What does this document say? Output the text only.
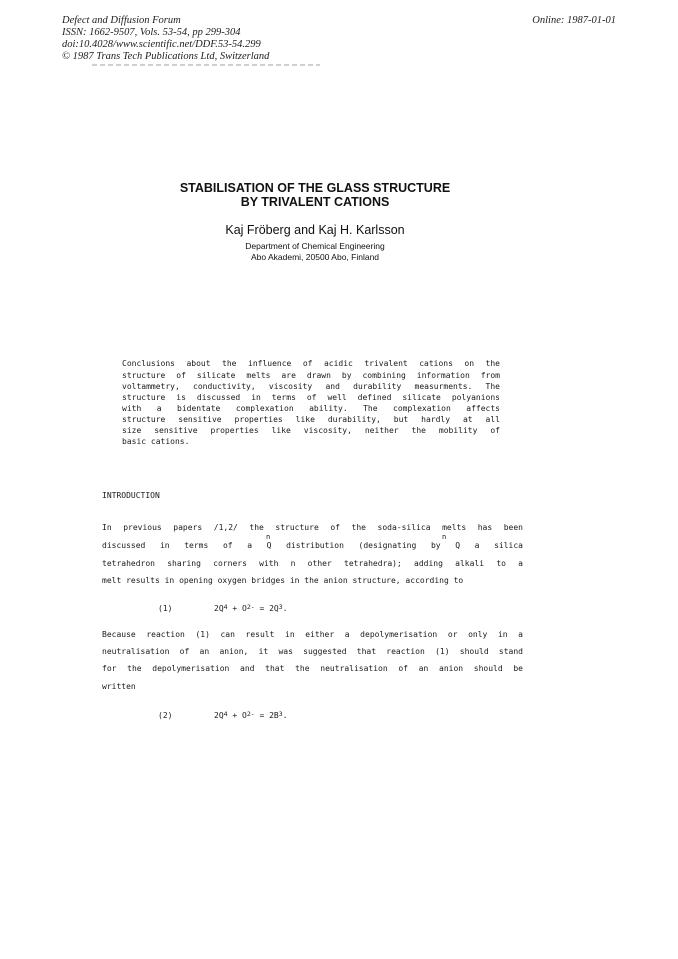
Defect and Diffusion Forum
ISSN: 1662-9507, Vols. 53-54, pp 299-304
doi:10.4028/www.scientific.net/DDF.53-54.299
© 1987 Trans Tech Publications Ltd, Switzerland
Online: 1987-01-01
STABILISATION OF THE GLASS STRUCTURE
BY TRIVALENT CATIONS
Kaj Fröberg and Kaj H. Karlsson
Department of Chemical Engineering
Abo Akademi, 20500 Abo, Finland
Conclusions about the influence of acidic trivalent cations on the
structure of silicate melts are drawn by combining information from
voltammetry, conductivity, viscosity and durability measurments. The
structure is discussed in terms of well defined silicate polyanions
with a bidentate complexation ability. The complexation affects
structure sensitive properties like durability, but hardly at all
size sensitive properties like viscosity, neither the mobility of
basic cations.
INTRODUCTION
In previous papers /1,2/ the structure of the soda-silica melts has been
n	n
discussed in terms of a Q distribution (designating by Q a silica
tetrahedron sharing corners with n other tetrahedra); adding alkali to a
melt results in opening oxygen bridges in the anion structure, according to
(1)	$2Q^4 + O^{2-} = 2Q^3$.
Because reaction (1) can result in either a depolymerisation or only in a
neutralisation of an anion, it was suggested that reaction (1) should stand
for the depolymerisation and that the neutralisation of an anion should be
written
(2)	$2Q^4 + O^{2-} = 2B^3$.
